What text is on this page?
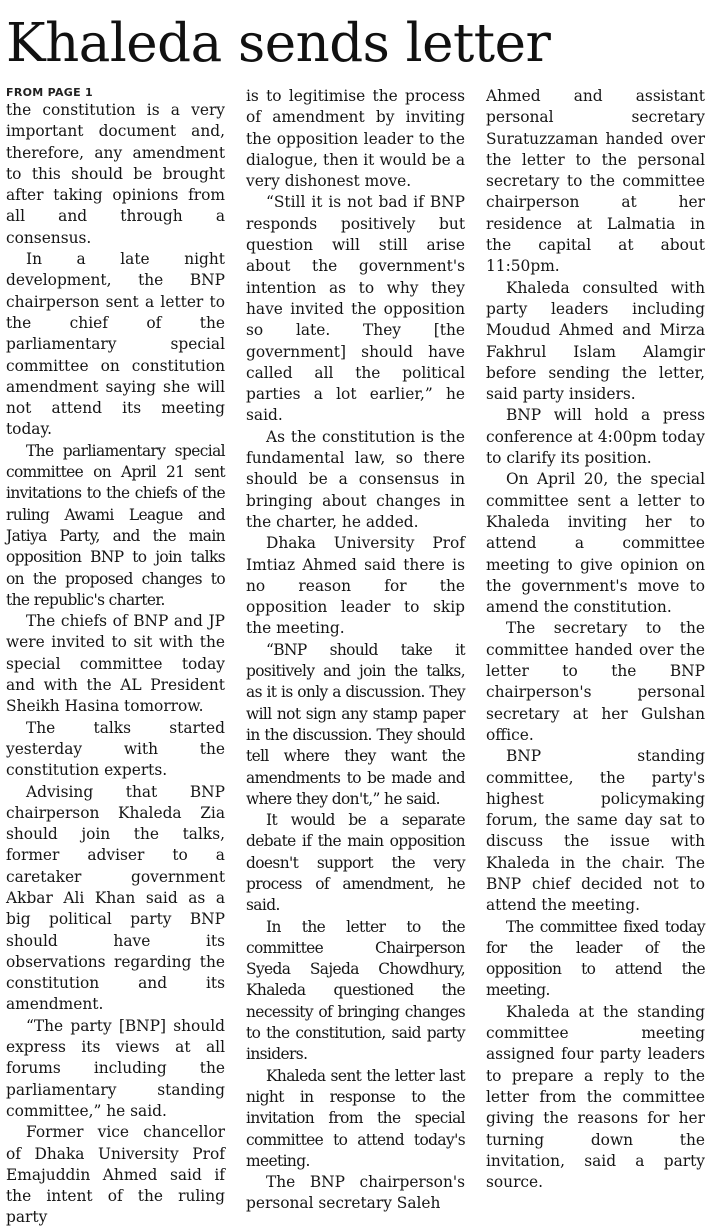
Khaleda sends letter
FROM PAGE 1

the constitution is a very important document and, therefore, any amendment to this should be brought after taking opinions from all and through a consensus.

In a late night development, the BNP chairperson sent a letter to the chief of the parliamentary special committee on constitution amendment saying she will not attend its meeting today.

The parliamentary special committee on April 21 sent invitations to the chiefs of the ruling Awami League and Jatiya Party, and the main opposition BNP to join talks on the proposed changes to the republic's charter.

The chiefs of BNP and JP were invited to sit with the special committee today and with the AL President Sheikh Hasina tomorrow.

The talks started yesterday with the constitution experts.

Advising that BNP chairperson Khaleda Zia should join the talks, former adviser to a caretaker government Akbar Ali Khan said as a big political party BNP should have its observations regarding the constitution and its amendment.

“The party [BNP] should express its views at all forums including the parliamentary standing committee,” he said.

Former vice chancellor of Dhaka University Prof Emajuddin Ahmed said if the intent of the ruling party

is to legitimise the process of amendment by inviting the opposition leader to the dialogue, then it would be a very dishonest move.

“Still it is not bad if BNP responds positively but question will still arise about the government's intention as to why they have invited the opposition so late. They [the government] should have called all the political parties a lot earlier,” he said.

As the constitution is the fundamental law, so there should be a consensus in bringing about changes in the charter, he added.

Dhaka University Prof Imtiaz Ahmed said there is no reason for the opposition leader to skip the meeting.

“BNP should take it positively and join the talks, as it is only a discussion. They will not sign any stamp paper in the discussion. They should tell where they want the amendments to be made and where they don't,” he said.

It would be a separate debate if the main opposition doesn't support the very process of amendment, he said.

In the letter to the committee Chairperson Syeda Sajeda Chowdhury, Khaleda questioned the necessity of bringing changes to the constitution, said party insiders.

Khaleda sent the letter last night in response to the invitation from the special committee to attend today's meeting.

The BNP chairperson's personal secretary Saleh

Ahmed and assistant personal secretary Suratuzzaman handed over the letter to the personal secretary to the committee chairperson at her residence at Lalmatia in the capital at about 11:50pm.

Khaleda consulted with party leaders including Moudud Ahmed and Mirza Fakhrul Islam Alamgir before sending the letter, said party insiders.

BNP will hold a press conference at 4:00pm today to clarify its position.

On April 20, the special committee sent a letter to Khaleda inviting her to attend a committee meeting to give opinion on the government's move to amend the constitution.

The secretary to the committee handed over the letter to the BNP chairperson's personal secretary at her Gulshan office.

BNP standing committee, the party's highest policymaking forum, the same day sat to discuss the issue with Khaleda in the chair. The BNP chief decided not to attend the meeting.

The committee fixed today for the leader of the opposition to attend the meeting.

Khaleda at the standing committee meeting assigned four party leaders to prepare a reply to the letter from the committee giving the reasons for her turning down the invitation, said a party source.
